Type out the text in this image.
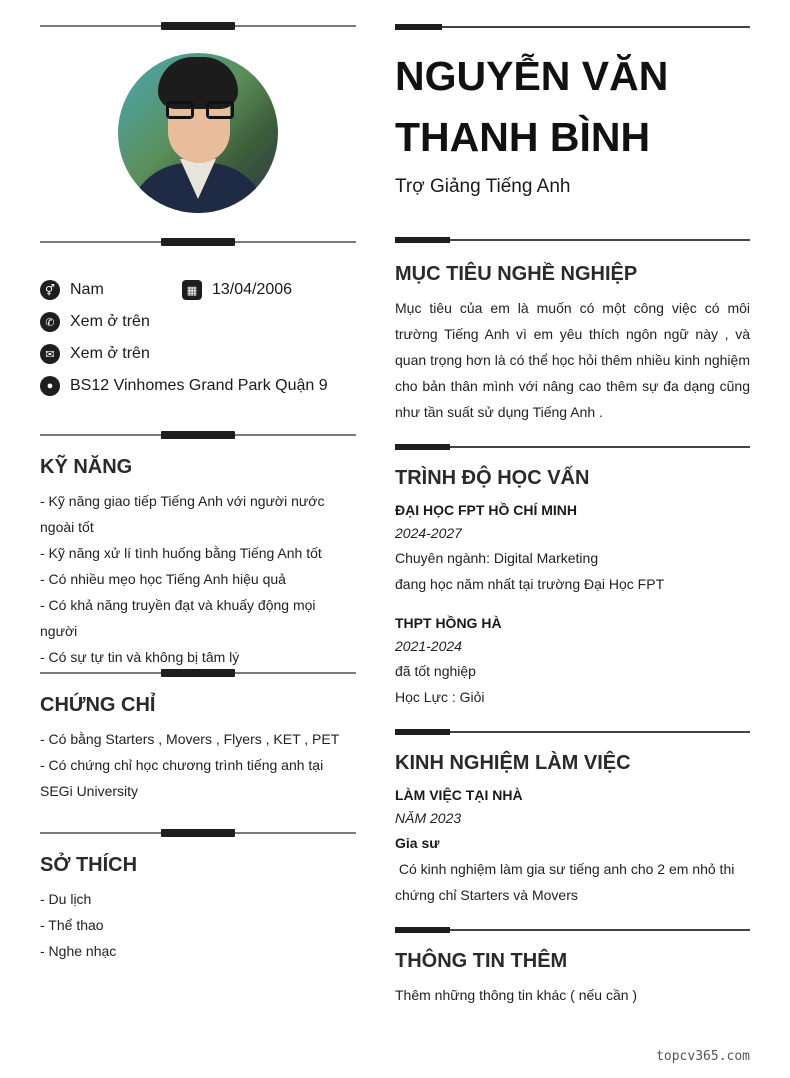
⚥ Nam	▦ 13/04/2006
✆ Xem ở trên
✉ Xem ở trên
●	BS12 Vinhomes Grand Park Quận 9
KỸ NĂNG
- Kỹ năng giao tiếp Tiếng Anh với người nước ngoài tốt
- Kỹ năng xử lí tình huống bằng Tiếng Anh tốt
- Có nhiều mẹo học Tiếng Anh hiệu quả
- Có khả năng truyền đạt và khuấy động mọi người
- Có sự tự tin và không bị tâm lý
CHỨNG CHỈ
- Có bằng Starters , Movers , Flyers , KET , PET
- Có chứng chỉ học chương trình tiếng anh tại SEGi University
SỞ THÍCH
- Du lịch
- Thể thao
- Nghe nhạc
NGUYỄN VĂN
THANH BÌNH
Trợ Giảng Tiếng Anh
MỤC TIÊU NGHỀ NGHIỆP
Mục tiêu của em là muốn có một công việc có môi trường Tiếng Anh vì em yêu thích ngôn ngữ này , và quan trọng hơn là có thể học hỏi thêm nhiều kinh nghiệm cho bản thân mình với nâng cao thêm sự đa dạng cũng như tần suất sử dụng Tiếng Anh .
TRÌNH ĐỘ HỌC VẤN
ĐẠI HỌC FPT HỒ CHÍ MINH
2024-2027
Chuyên ngành: Digital Marketing
đang học năm nhất tại trường Đại Học FPT
THPT HỒNG HÀ
2021-2024
đã tốt nghiệp
Học Lực : Giỏi
KINH NGHIỆM LÀM VIỆC
LÀM VIỆC TẠI NHÀ
NĂM 2023
Gia sư
Có kinh nghiệm làm gia sư tiếng anh cho 2 em nhỏ thi chứng chỉ Starters và Movers
THÔNG TIN THÊM
Thêm những thông tin khác ( nếu cần )
topcv365.com
